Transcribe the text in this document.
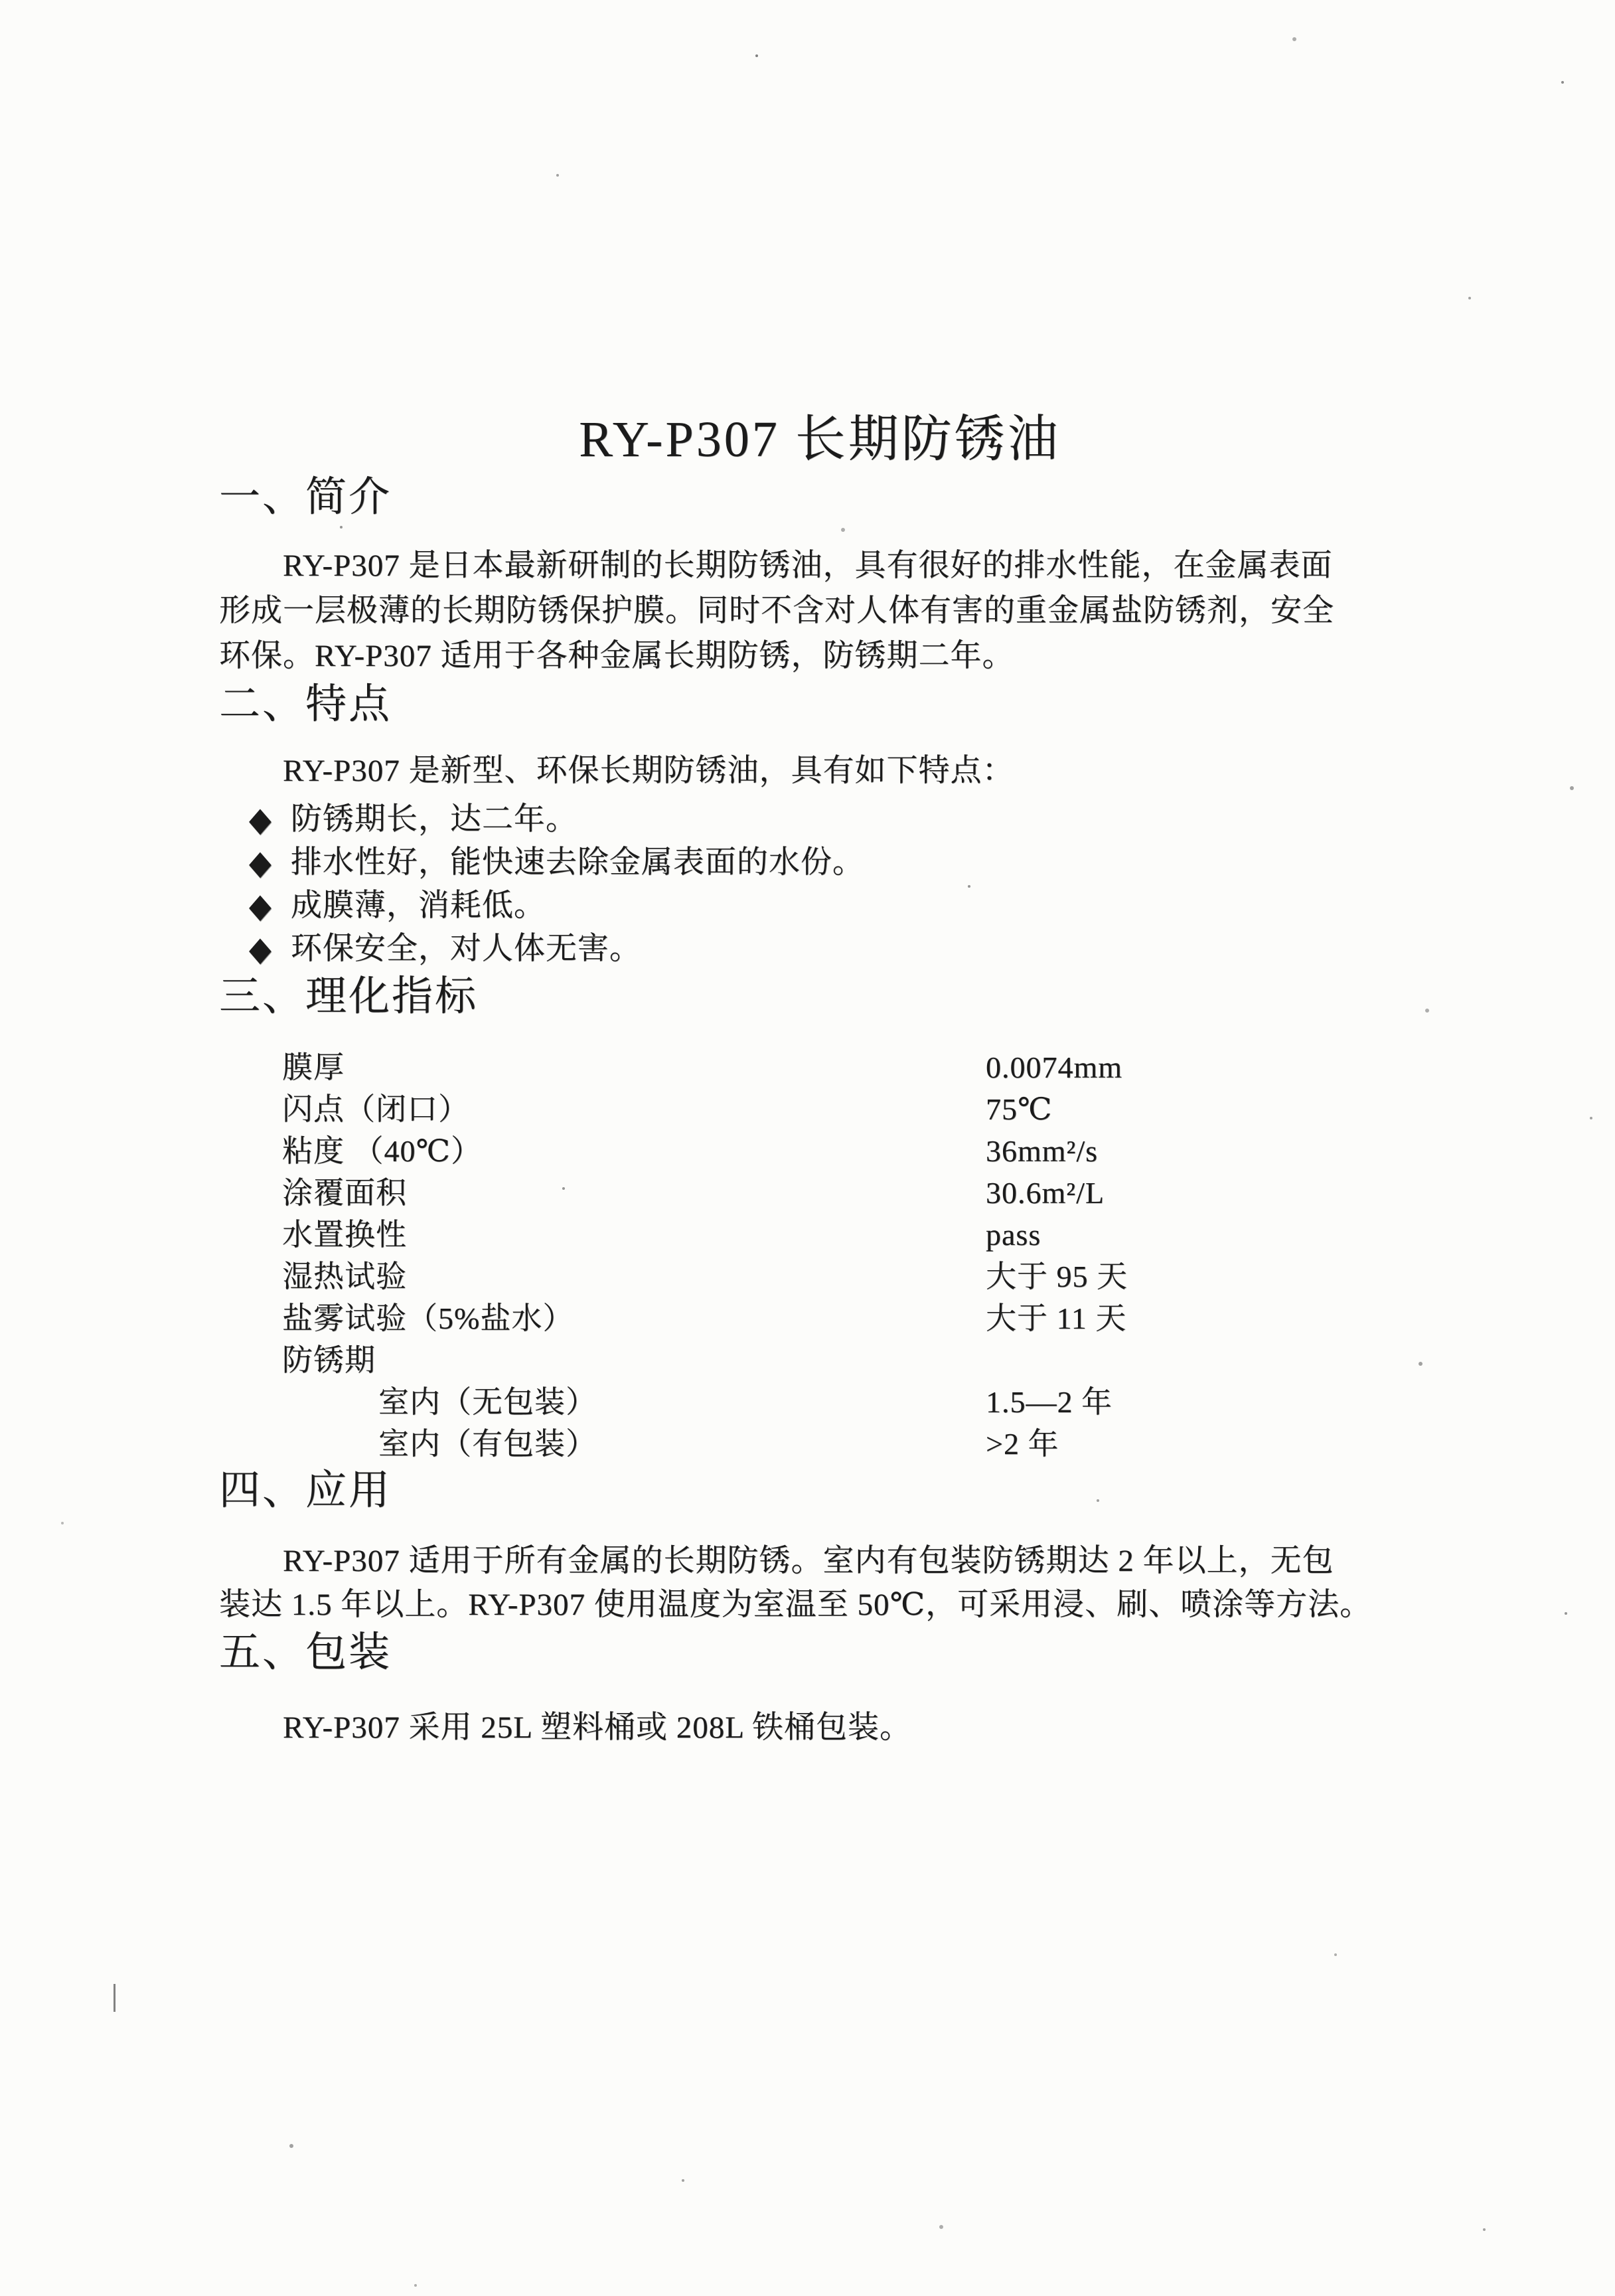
RY-P307 长期防锈油
一、简介
RY-P307 是日本最新研制的长期防锈油，具有很好的排水性能，在金属表面
形成一层极薄的长期防锈保护膜。同时不含对人体有害的重金属盐防锈剂，安全
环保。RY-P307 适用于各种金属长期防锈，防锈期二年。
二、特点
RY-P307 是新型、环保长期防锈油，具有如下特点：
◆ 防锈期长，达二年。
◆ 排水性好，能快速去除金属表面的水份。
◆ 成膜薄，消耗低。
◆ 环保安全，对人体无害。
三、理化指标
膜厚	0.0074mm
闪点（闭口）	75℃
粘度 （40℃）	36mm²/s
涂覆面积	30.6m²/L
水置换性	pass
湿热试验	大于 95 天
盐雾试验（5%盐水）	大于 11 天
防锈期
室内（无包装）	1.5—2 年
室内（有包装）	>2 年
四、应用
RY-P307 适用于所有金属的长期防锈。室内有包装防锈期达 2 年以上，无包
装达 1.5 年以上。RY-P307 使用温度为室温至 50℃，可采用浸、刷、喷涂等方法。
五、包装
RY-P307 采用 25L 塑料桶或 208L 铁桶包装。
